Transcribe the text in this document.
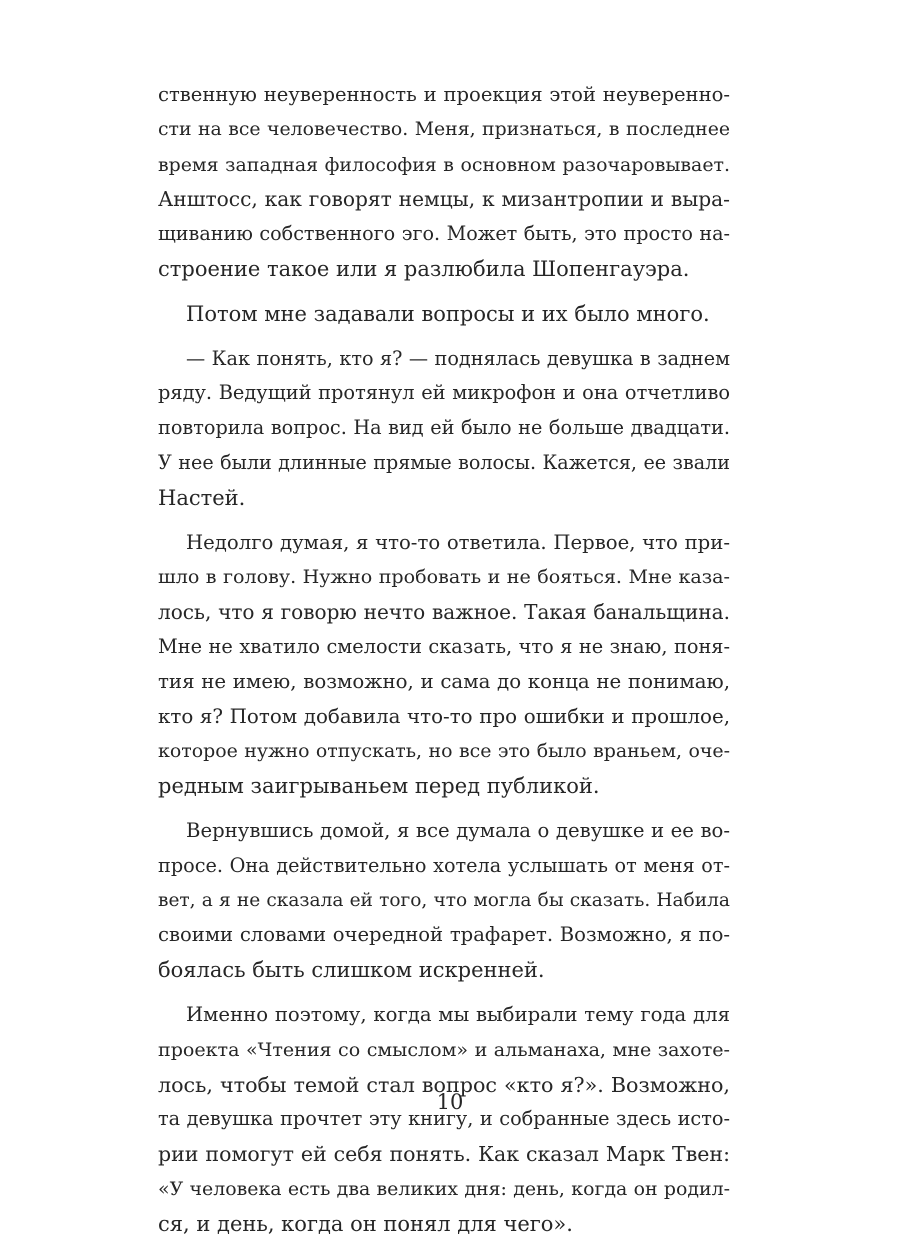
ственную неуверенность и проекция этой неуверенно-
сти на все человечество. Меня, признаться, в последнее
время западная философия в основном разочаровывает.
Анштосс, как говорят немцы, к мизантропии и выра-
щиванию собственного эго. Может быть, это просто на-
строение такое или я разлюбила Шопенгауэра.
Потом мне задавали вопросы и их было много.
— Как понять, кто я? — поднялась девушка в заднем
ряду. Ведущий протянул ей микрофон и она отчетливо
повторила вопрос. На вид ей было не больше двадцати.
У нее были длинные прямые волосы. Кажется, ее звали
Настей.
Недолго думая, я что-то ответила. Первое, что при-
шло в голову. Нужно пробовать и не бояться. Мне каза-
лось, что я говорю нечто важное. Такая банальщина.
Мне не хватило смелости сказать, что я не знаю, поня-
тия не имею, возможно, и сама до конца не понимаю,
кто я? Потом добавила что-то про ошибки и прошлое,
которое нужно отпускать, но все это было враньем, оче-
редным заигрываньем перед публикой.
Вернувшись домой, я все думала о девушке и ее во-
просе. Она действительно хотела услышать от меня от-
вет, а я не сказала ей того, что могла бы сказать. Набила
своими словами очередной трафарет. Возможно, я по-
боялась быть слишком искренней.
Именно поэтому, когда мы выбирали тему года для
проекта «Чтения со смыслом» и альманаха, мне захоте-
лось, чтобы темой стал вопрос «кто я?». Возможно,
та девушка прочтет эту книгу, и собранные здесь исто-
рии помогут ей себя понять. Как сказал Марк Твен:
«У человека есть два великих дня: день, когда он родил-
ся, и день, когда он понял для чего».
10
